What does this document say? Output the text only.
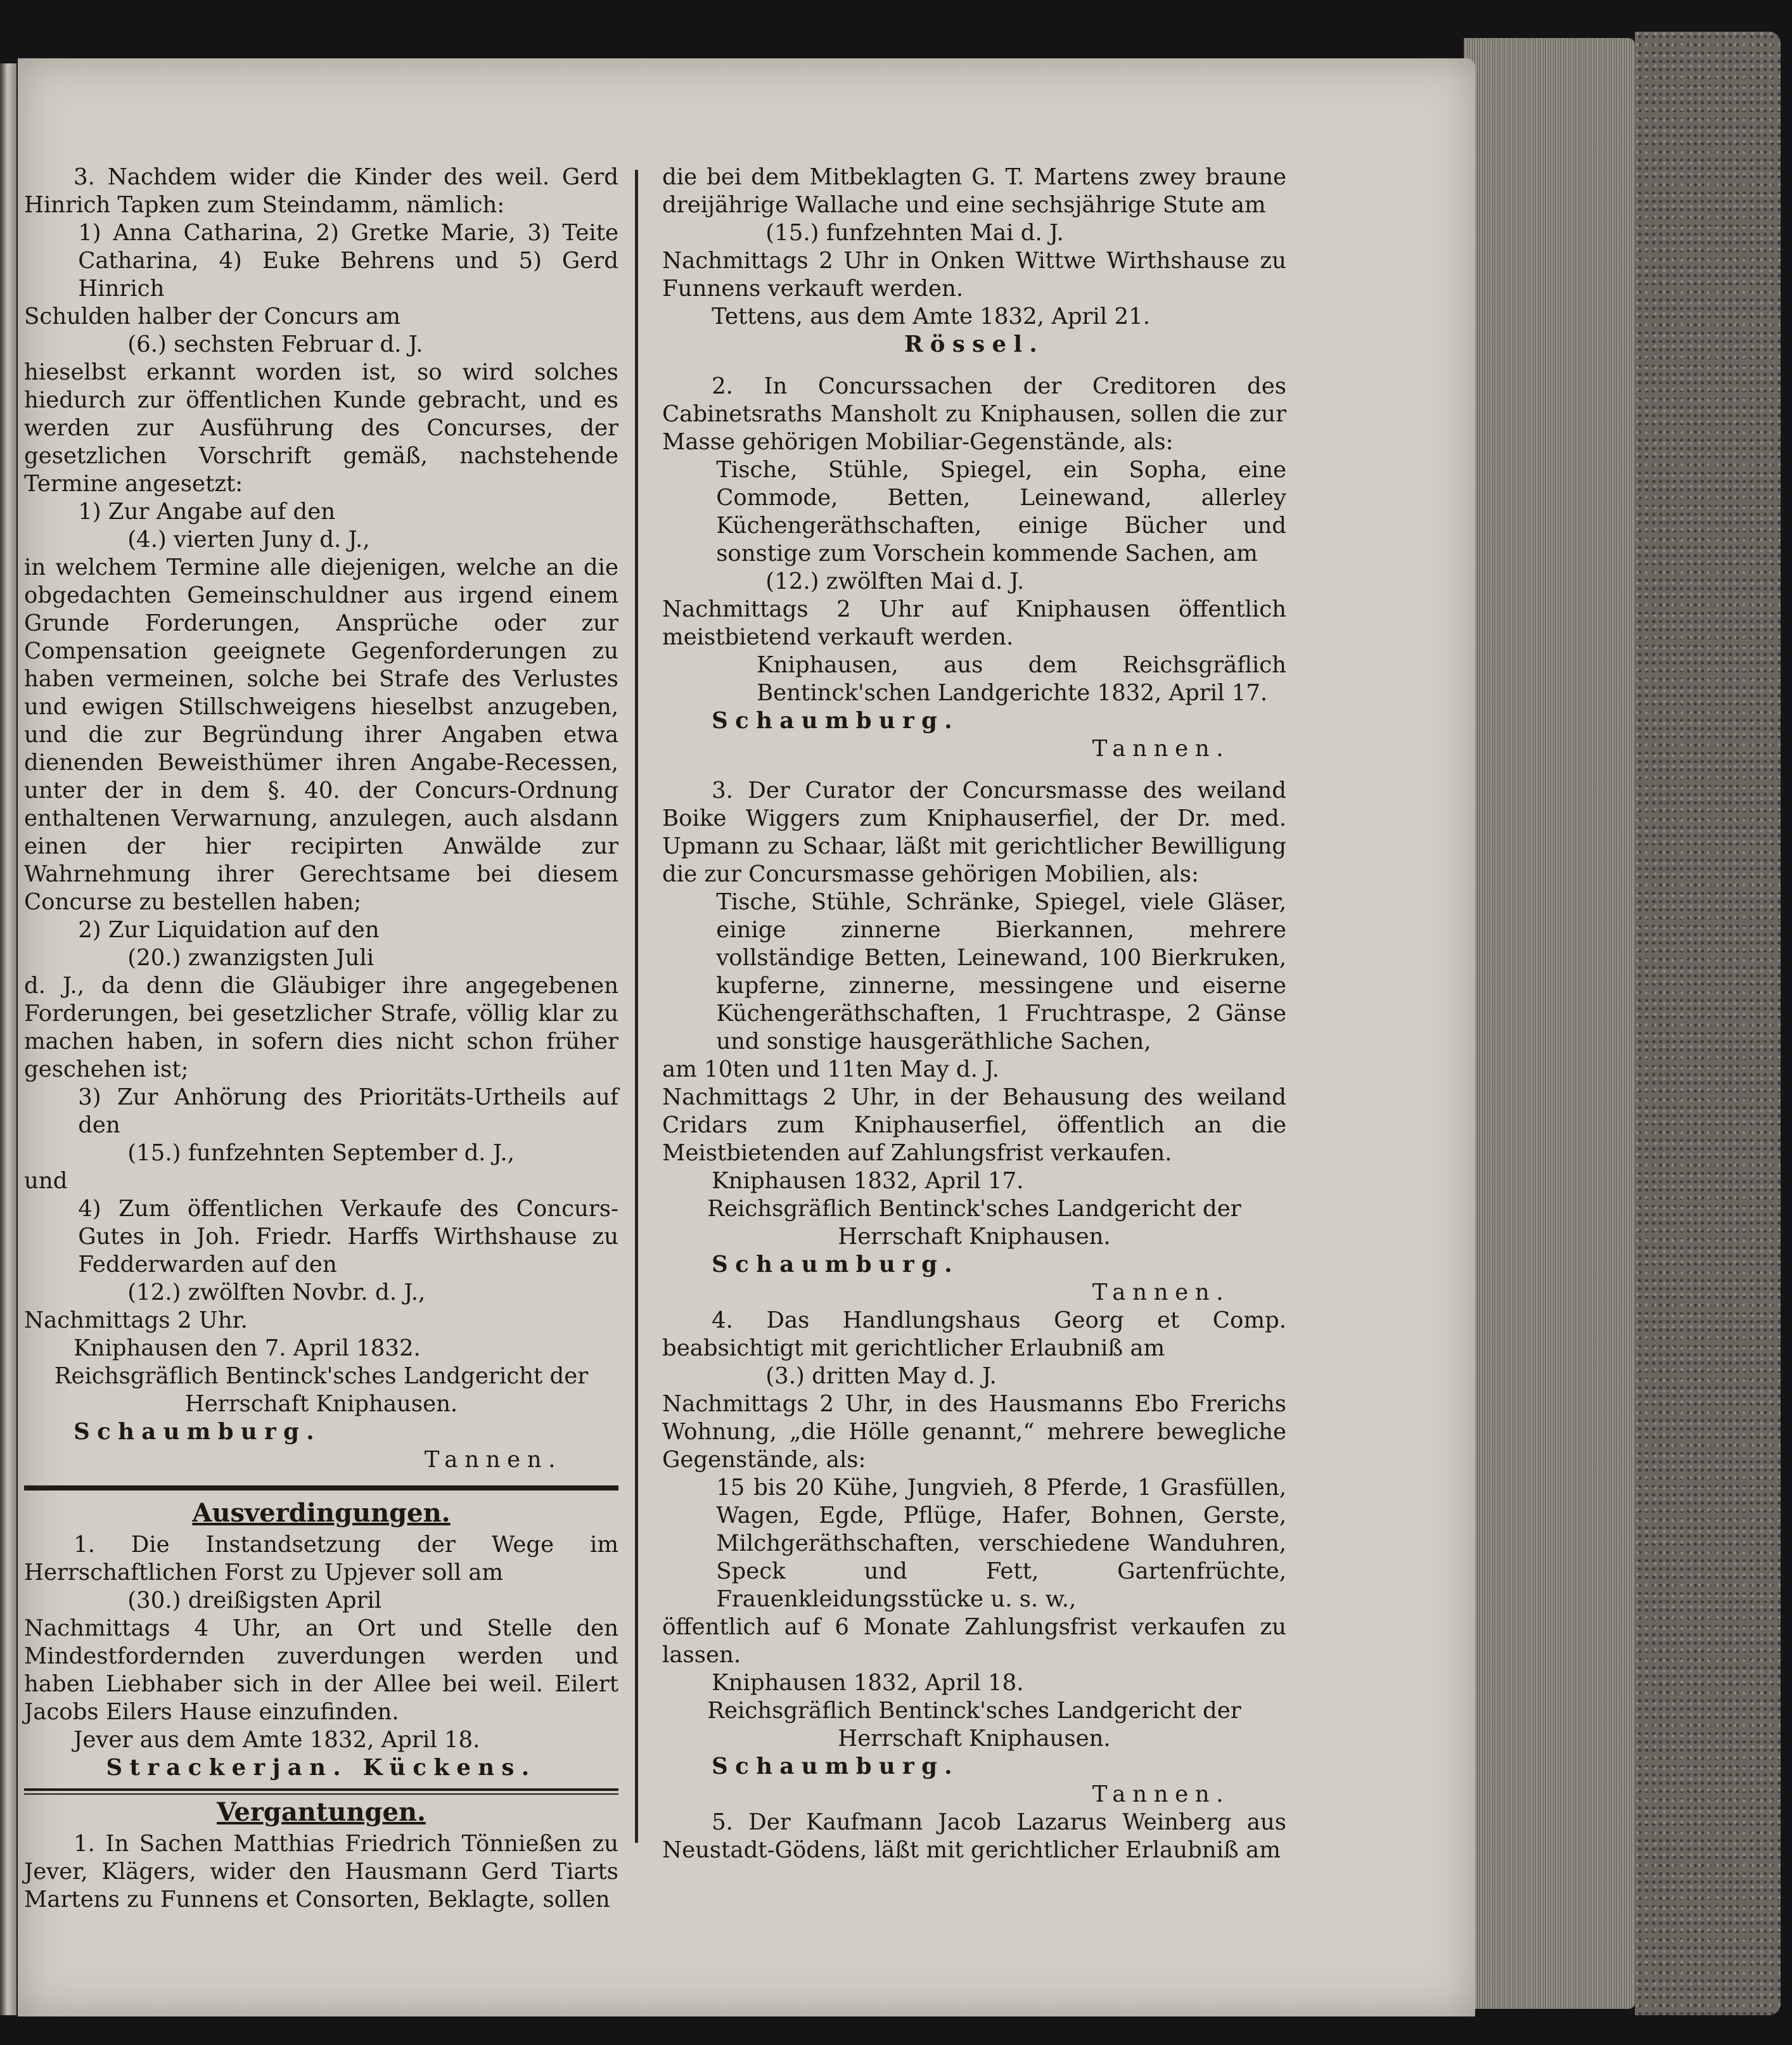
3. Nachdem wider die Kinder des weil. Gerd Hinrich Tapken zum Steindamm, nämlich:
1) Anna Catharina, 2) Gretke Marie, 3) Teite Catharina, 4) Euke Behrens und 5) Gerd Hinrich
Schulden halber der Concurs am
(6.) sechsten Februar d. J.
hieselbst erkannt worden ist, so wird solches hiedurch zur öffentlichen Kunde gebracht, und es werden zur Ausführung des Concurses, der gesetzlichen Vorschrift gemäß, nachstehende Termine angesetzt:
1) Zur Angabe auf den
(4.) vierten Juny d. J.,
in welchem Termine alle diejenigen, welche an die obgedachten Gemeinschuldner aus irgend einem Grunde Forderungen, Ansprüche oder zur Compensation geeignete Gegenforderungen zu haben vermeinen, solche bei Strafe des Verlustes und ewigen Stillschweigens hieselbst anzugeben, und die zur Begründung ihrer Angaben etwa dienenden Beweisthümer ihren Angabe-Recessen, unter der in dem §. 40. der Concurs-Ordnung enthaltenen Verwarnung, anzulegen, auch alsdann einen der hier recipirten Anwälde zur Wahrnehmung ihrer Gerechtsame bei diesem Concurse zu bestellen haben;
2) Zur Liquidation auf den
(20.) zwanzigsten Juli
d. J., da denn die Gläubiger ihre angegebenen Forderungen, bei gesetzlicher Strafe, völlig klar zu machen haben, in sofern dies nicht schon früher geschehen ist;
3) Zur Anhörung des Prioritäts-Urtheils auf den
(15.) funfzehnten September d. J.,
und
4) Zum öffentlichen Verkaufe des Concurs-Gutes in Joh. Friedr. Harffs Wirthshause zu Fedderwarden auf den
(12.) zwölften Novbr. d. J.,
Nachmittags 2 Uhr.
Kniphausen den 7. April 1832.
Reichsgräflich Bentinck'sches Landgericht der Herrschaft Kniphausen.
Schaumburg.
Tannen.
Ausverdingungen.
1. Die Instandsetzung der Wege im Herrschaftlichen Forst zu Upjever soll am
(30.) dreißigsten April
Nachmittags 4 Uhr, an Ort und Stelle den Mindestfordernden zuverdungen werden und haben Liebhaber sich in der Allee bei weil. Eilert Jacobs Eilers Hause einzufinden.
Jever aus dem Amte 1832, April 18.
Strackerjan. Kückens.
Vergantungen.
1. In Sachen Matthias Friedrich Tönnießen zu Jever, Klägers, wider den Hausmann Gerd Tiarts Martens zu Funnens et Consorten, Beklagte, sollen
die bei dem Mitbeklagten G. T. Martens zwey braune dreijährige Wallache und eine sechsjährige Stute am
(15.) funfzehnten Mai d. J.
Nachmittags 2 Uhr in Onken Wittwe Wirthshause zu Funnens verkauft werden.
Tettens, aus dem Amte 1832, April 21.
Rössel.
2. In Concurssachen der Creditoren des Cabinetsraths Mansholt zu Kniphausen, sollen die zur Masse gehörigen Mobiliar-Gegenstände, als:
Tische, Stühle, Spiegel, ein Sopha, eine Commode, Betten, Leinewand, allerley Küchengeräthschaften, einige Bücher und sonstige zum Vorschein kommende Sachen, am
(12.) zwölften Mai d. J.
Nachmittags 2 Uhr auf Kniphausen öffentlich meistbietend verkauft werden.
Kniphausen, aus dem Reichsgräflich Bentinck'schen Landgerichte 1832, April 17.
Schaumburg.
Tannen.
3. Der Curator der Concursmasse des weiland Boike Wiggers zum Kniphauserfiel, der Dr. med. Upmann zu Schaar, läßt mit gerichtlicher Bewilligung die zur Concursmasse gehörigen Mobilien, als:
Tische, Stühle, Schränke, Spiegel, viele Gläser, einige zinnerne Bierkannen, mehrere vollständige Betten, Leinewand, 100 Bierkruken, kupferne, zinnerne, messingene und eiserne Küchengeräthschaften, 1 Fruchtraspe, 2 Gänse und sonstige hausgeräthliche Sachen,
am 10ten und 11ten May d. J.
Nachmittags 2 Uhr, in der Behausung des weiland Cridars zum Kniphauserfiel, öffentlich an die Meistbietenden auf Zahlungsfrist verkaufen.
Kniphausen 1832, April 17.
Reichsgräflich Bentinck'sches Landgericht der Herrschaft Kniphausen.
Schaumburg.
Tannen.
4. Das Handlungshaus Georg et Comp. beabsichtigt mit gerichtlicher Erlaubniß am
(3.) dritten May d. J.
Nachmittags 2 Uhr, in des Hausmanns Ebo Frerichs Wohnung, „die Hölle genannt,“ mehrere bewegliche Gegenstände, als:
15 bis 20 Kühe, Jungvieh, 8 Pferde, 1 Grasfüllen, Wagen, Egde, Pflüge, Hafer, Bohnen, Gerste, Milchgeräthschaften, verschiedene Wanduhren, Speck und Fett, Gartenfrüchte, Frauenkleidungsstücke u. s. w.,
öffentlich auf 6 Monate Zahlungsfrist verkaufen zu lassen.
Kniphausen 1832, April 18.
Reichsgräflich Bentinck'sches Landgericht der Herrschaft Kniphausen.
Schaumburg.
Tannen.
5. Der Kaufmann Jacob Lazarus Weinberg aus Neustadt-Gödens, läßt mit gerichtlicher Erlaubniß am
